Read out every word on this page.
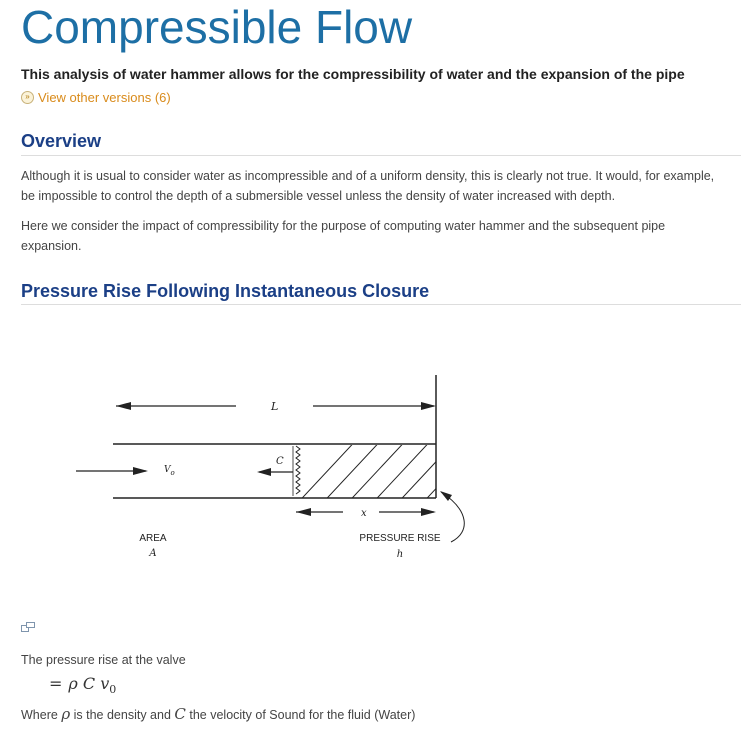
Compressible Flow
This analysis of water hammer allows for the compressibility of water and the expansion of the pipe
» View other versions (6)
Overview
Although it is usual to consider water as incompressible and of a uniform density, this is clearly not true. It would, for example, be impossible to control the depth of a submersible vessel unless the density of water increased with depth.
Here we consider the impact of compressibility for the purpose of computing water hammer and the subsequent pipe expansion.
Pressure Rise Following Instantaneous Closure
L
C
$V_o$
x
AREA
A
PRESSURE RISE
h
The pressure rise at the valve
= ρ C $v_0$
Where ρ is the density and C the velocity of Sound for the fluid (Water)
